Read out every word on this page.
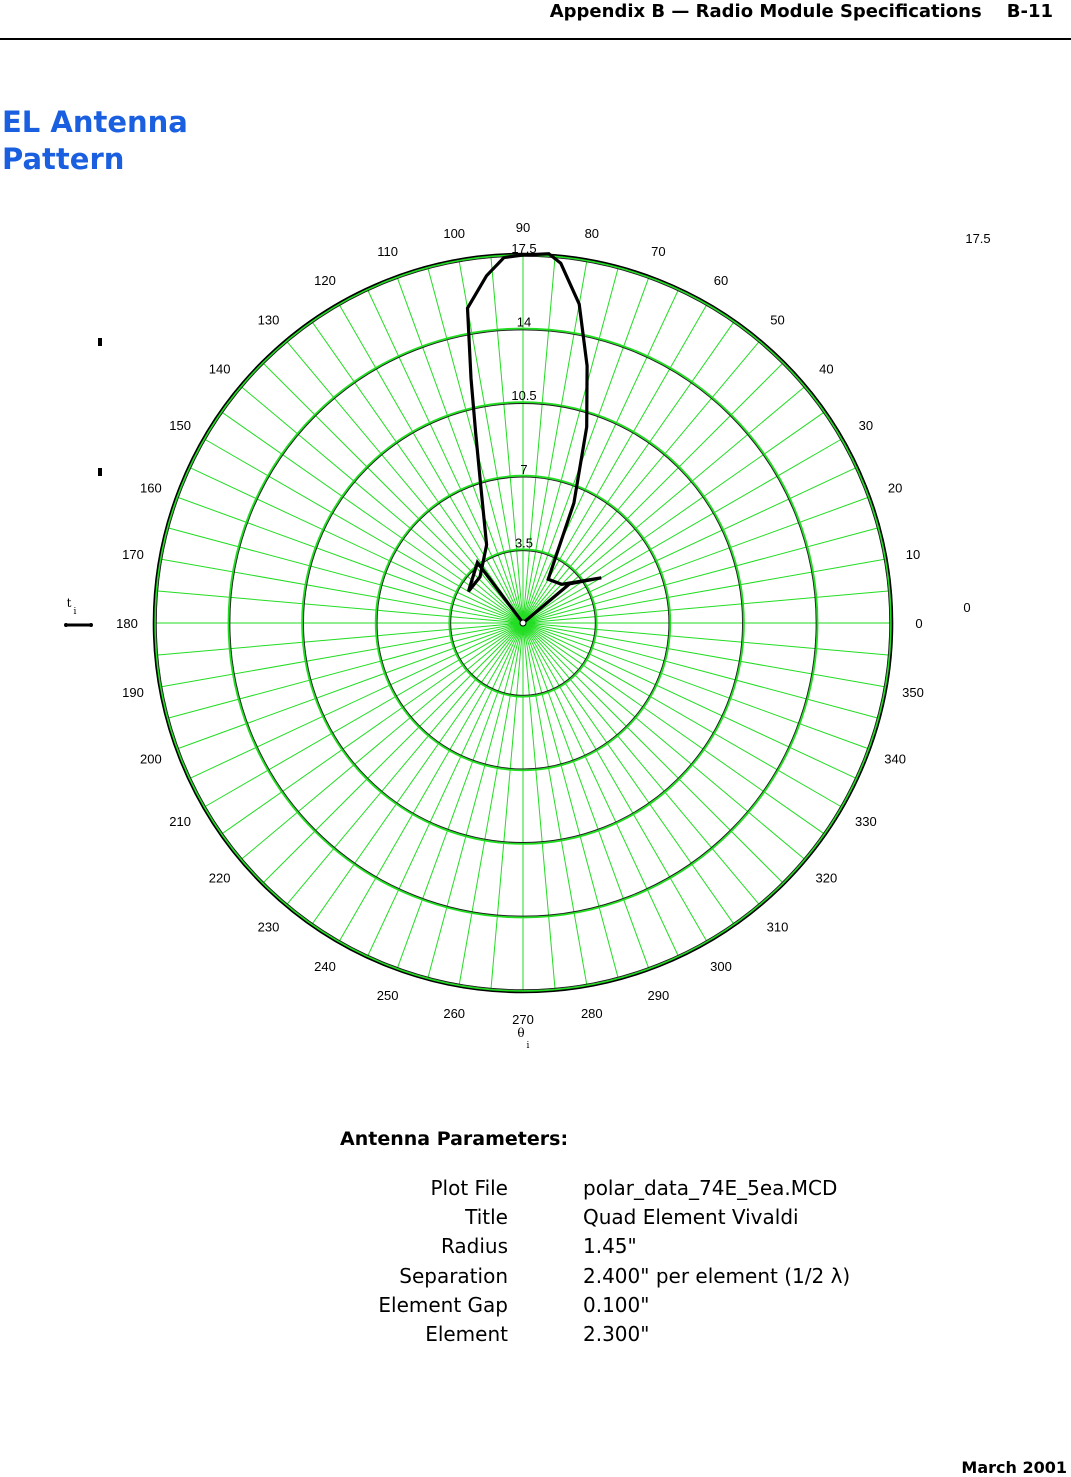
Appendix B — Radio Module Specifications    B-11
EL Antenna Pattern
0
10
20
30
40
50
60
70
80
90
100
110
120
130
140
150
160
170
180
190
200
210
220
230
240
250
260	270	280
290
300
310
320
330
340
350
3.5
7
10.5
14
17.5
17.5
0
θ
i
t
i
Antenna Parameters:
Plot File	polar_data_74E_5ea.MCD
Title	Quad Element Vivaldi
Radius	1.45"
Separation	2.400" per element (1/2 λ)
Element Gap	0.100"
Element	2.300"
March 2001
